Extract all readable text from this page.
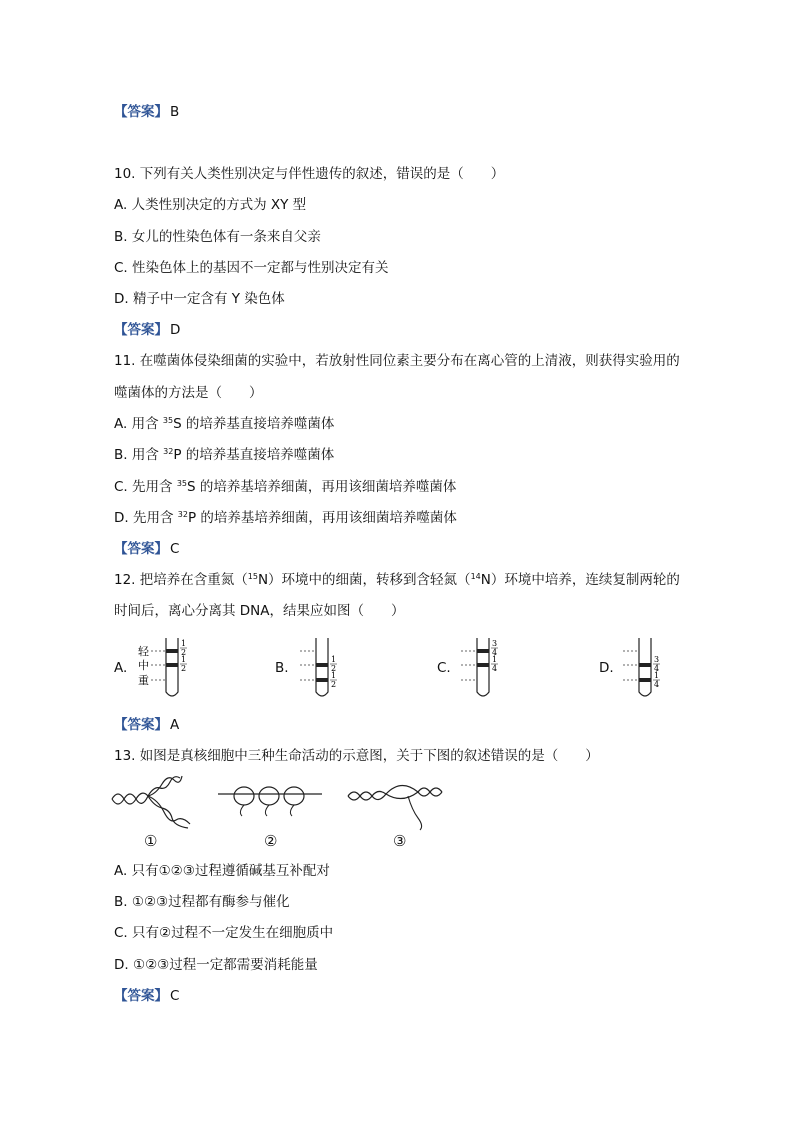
【答案】 B
10. 下列有关人类性别决定与伴性遗传的叙述，错误的是（　　）
A. 人类性别决定的方式为 XY 型
B. 女儿的性染色体有一条来自父亲
C. 性染色体上的基因不一定都与性别决定有关
D. 精子中一定含有 Y 染色体
【答案】 D
11. 在噬菌体侵染细菌的实验中，若放射性同位素主要分布在离心管的上清液，则获得实验用的
噬菌体的方法是（　　）
A. 用含 $^{35}$S 的培养基直接培养噬菌体
B. 用含 $^{32}$P 的培养基直接培养噬菌体
C. 先用含 $^{35}$S 的培养基培养细菌，再用该细菌培养噬菌体
D. 先用含 $^{32}$P 的培养基培养细菌，再用该细菌培养噬菌体
【答案】 C
12. 把培养在含重氮（$^{15}$N）环境中的细菌，转移到含轻氮（$^{14}$N）环境中培养，连续复制两轮的
时间后，离心分离其 DNA，结果应如图（　　）
A.	B.	C.	D.
轻
中
重
1
2
1
2
1
2
1
2
3
4
1
4
3
4
1
4
【答案】 A
13. 如图是真核细胞中三种生命活动的示意图，关于下图的叙述错误的是（　　）
①	②	③
A. 只有①②③过程遵循碱基互补配对
B. ①②③过程都有酶参与催化
C. 只有②过程不一定发生在细胞质中
D. ①②③过程一定都需要消耗能量
【答案】 C
